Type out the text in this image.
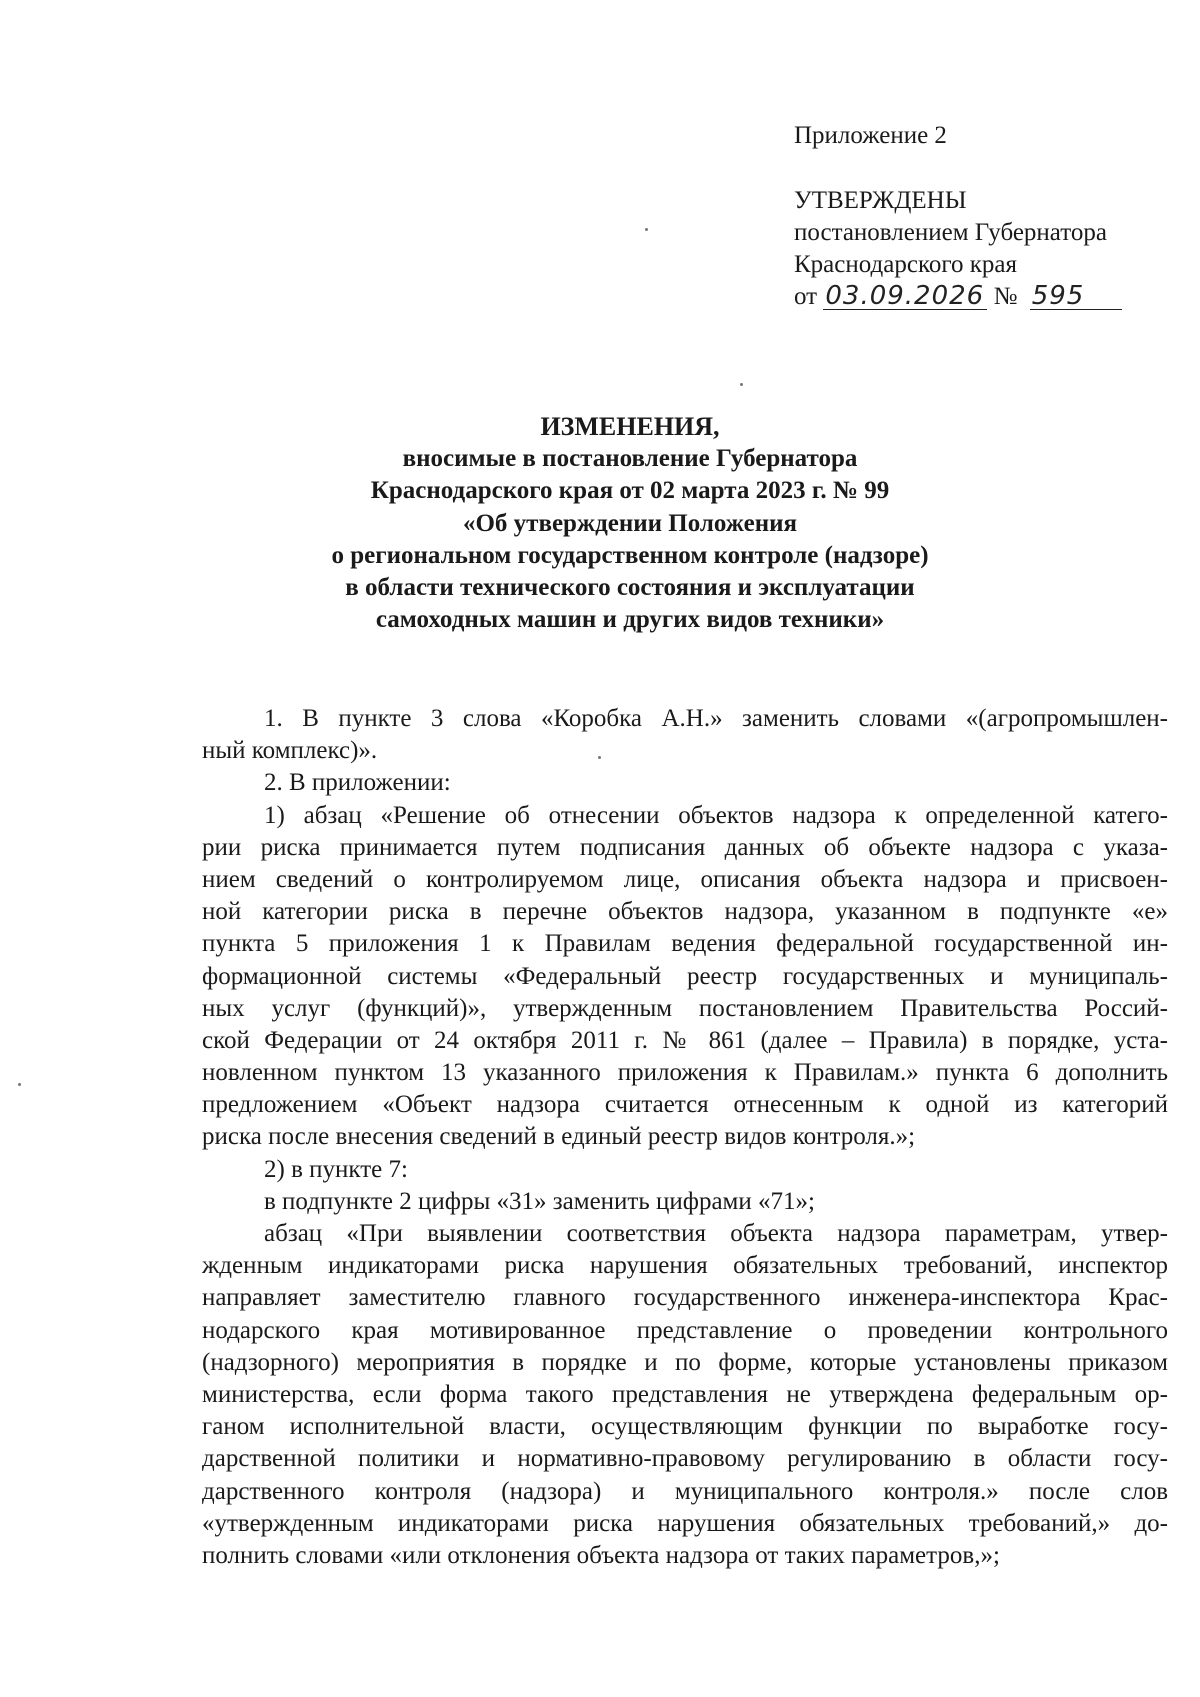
Приложение 2
УТВЕРЖДЕНЫ
постановлением Губернатора
Краснодарского края
от 03.09.2026 № 595
ИЗМЕНЕНИЯ,
вносимые в постановление Губернатора
Краснодарского края от 02 марта 2023 г. № 99
«Об утверждении Положения
о региональном государственном контроле (надзоре)
в области технического состояния и эксплуатации
самоходных машин и других видов техники»
1. В пункте 3 слова «Коробка А.Н.» заменить словами «(агропромышлен-
ный комплекс)».
2. В приложении:
1) абзац «Решение об отнесении объектов надзора к определенной катего-
рии риска принимается путем подписания данных об объекте надзора с указа-
нием сведений о контролируемом лице, описания объекта надзора и присвоен-
ной категории риска в перечне объектов надзора, указанном в подпункте «е»
пункта 5 приложения 1 к Правилам ведения федеральной государственной ин-
формационной системы «Федеральный реестр государственных и муниципаль-
ных услуг (функций)», утвержденным постановлением Правительства Россий-
ской Федерации от 24 октября 2011 г. № 861 (далее – Правила) в порядке, уста-
новленном пунктом 13 указанного приложения к Правилам.» пункта 6 дополнить
предложением «Объект надзора считается отнесенным к одной из категорий
риска после внесения сведений в единый реестр видов контроля.»;
2) в пункте 7:
в подпункте 2 цифры «31» заменить цифрами «71»;
абзац «При выявлении соответствия объекта надзора параметрам, утвер-
жденным индикаторами риска нарушения обязательных требований, инспектор
направляет заместителю главного государственного инженера-инспектора Крас-
нодарского края мотивированное представление о проведении контрольного
(надзорного) мероприятия в порядке и по форме, которые установлены приказом
министерства, если форма такого представления не утверждена федеральным ор-
ганом исполнительной власти, осуществляющим функции по выработке госу-
дарственной политики и нормативно-правовому регулированию в области госу-
дарственного контроля (надзора) и муниципального контроля.» после слов
«утвержденным индикаторами риска нарушения обязательных требований,» до-
полнить словами «или отклонения объекта надзора от таких параметров,»;
